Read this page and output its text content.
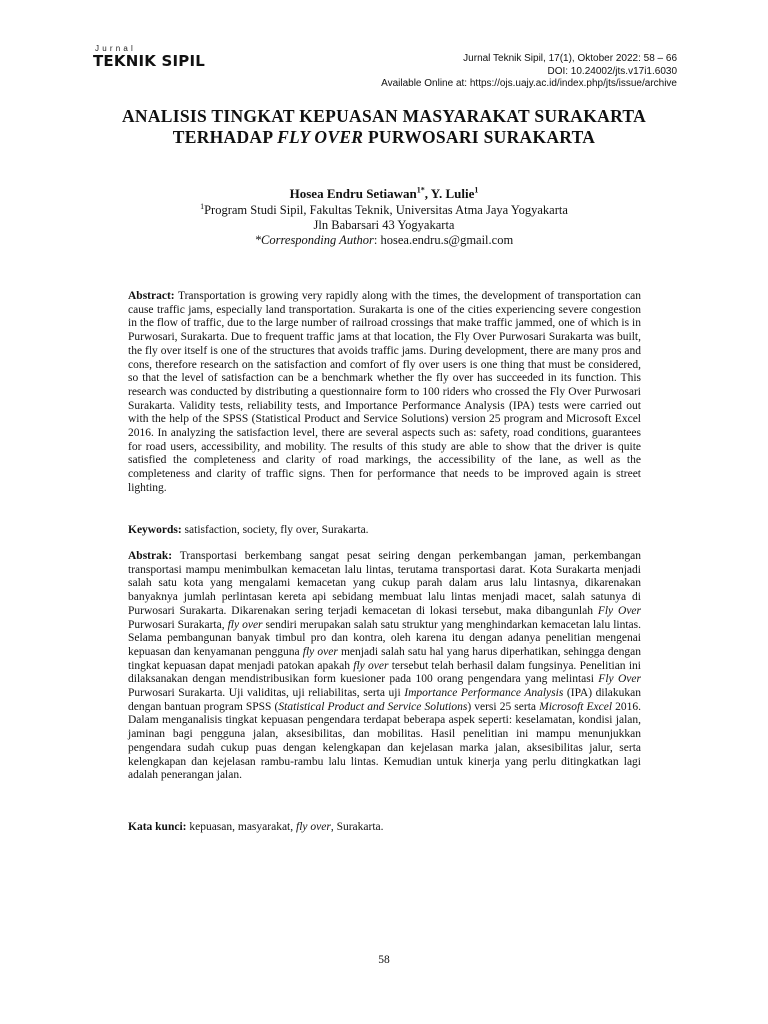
Jurnal
TEKNIK SIPIL	Jurnal Teknik Sipil, 17(1), Oktober 2022: 58 – 66
DOI: 10.24002/jts.v17i1.6030
Available Online at: https://ojs.uajy.ac.id/index.php/jts/issue/archive
ANALISIS TINGKAT KEPUASAN MASYARAKAT SURAKARTA TERHADAP FLY OVER PURWOSARI SURAKARTA
Hosea Endru Setiawan$^{1*}$, Y. Lulie$^1$
$^1$Program Studi Sipil, Fakultas Teknik, Universitas Atma Jaya Yogyakarta
Jln Babarsari 43 Yogyakarta
*Corresponding Author: hosea.endru.s@gmail.com
Abstract: Transportation is growing very rapidly along with the times, the development of transportation can cause traffic jams, especially land transportation. Surakarta is one of the cities experiencing severe congestion in the flow of traffic, due to the large number of railroad crossings that make traffic jammed, one of which is in Purwosari, Surakarta. Due to frequent traffic jams at that location, the Fly Over Purwosari Surakarta was built, the fly over itself is one of the structures that avoids traffic jams. During development, there are many pros and cons, therefore research on the satisfaction and comfort of fly over users is one thing that must be considered, so that the level of satisfaction can be a benchmark whether the fly over has succeeded in its function. This research was conducted by distributing a questionnaire form to 100 riders who crossed the Fly Over Purwosari Surakarta. Validity tests, reliability tests, and Importance Performance Analysis (IPA) tests were carried out with the help of the SPSS (Statistical Product and Service Solutions) version 25 program and Microsoft Excel 2016. In analyzing the satisfaction level, there are several aspects such as: safety, road conditions, guarantees for road users, accessibility, and mobility. The results of this study are able to show that the driver is quite satisfied the completeness and clarity of road markings, the accessibility of the lane, as well as the completeness and clarity of traffic signs. Then for performance that needs to be improved again is street lighting.
Keywords: satisfaction, society, fly over, Surakarta.
Abstrak: Transportasi berkembang sangat pesat seiring dengan perkembangan jaman, perkembangan transportasi mampu menimbulkan kemacetan lalu lintas, terutama transportasi darat. Kota Surakarta menjadi salah satu kota yang mengalami kemacetan yang cukup parah dalam arus lalu lintasnya, dikarenakan banyaknya jumlah perlintasan kereta api sebidang membuat lalu lintas menjadi macet, salah satunya di Purwosari Surakarta. Dikarenakan sering terjadi kemacetan di lokasi tersebut, maka dibangunlah Fly Over Purwosari Surakarta, fly over sendiri merupakan salah satu struktur yang menghindarkan kemacetan lalu lintas. Selama pembangunan banyak timbul pro dan kontra, oleh karena itu dengan adanya penelitian mengenai kepuasan dan kenyamanan pengguna fly over menjadi salah satu hal yang harus diperhatikan, sehingga dengan tingkat kepuasan dapat menjadi patokan apakah fly over tersebut telah berhasil dalam fungsinya. Penelitian ini dilaksanakan dengan mendistribusikan form kuesioner pada 100 orang pengendara yang melintasi Fly Over Purwosari Surakarta. Uji validitas, uji reliabilitas, serta uji Importance Performance Analysis (IPA) dilakukan dengan bantuan program SPSS (Statistical Product and Service Solutions) versi 25 serta Microsoft Excel 2016. Dalam menganalisis tingkat kepuasan pengendara terdapat beberapa aspek seperti: keselamatan, kondisi jalan, jaminan bagi pengguna jalan, aksesibilitas, dan mobilitas. Hasil penelitian ini mampu menunjukkan pengendara sudah cukup puas dengan kelengkapan dan kejelasan marka jalan, aksesibilitas jalur, serta kelengkapan dan kejelasan rambu-rambu lalu lintas. Kemudian untuk kinerja yang perlu ditingkatkan lagi adalah penerangan jalan.
Kata kunci: kepuasan, masyarakat, fly over, Surakarta.
58
